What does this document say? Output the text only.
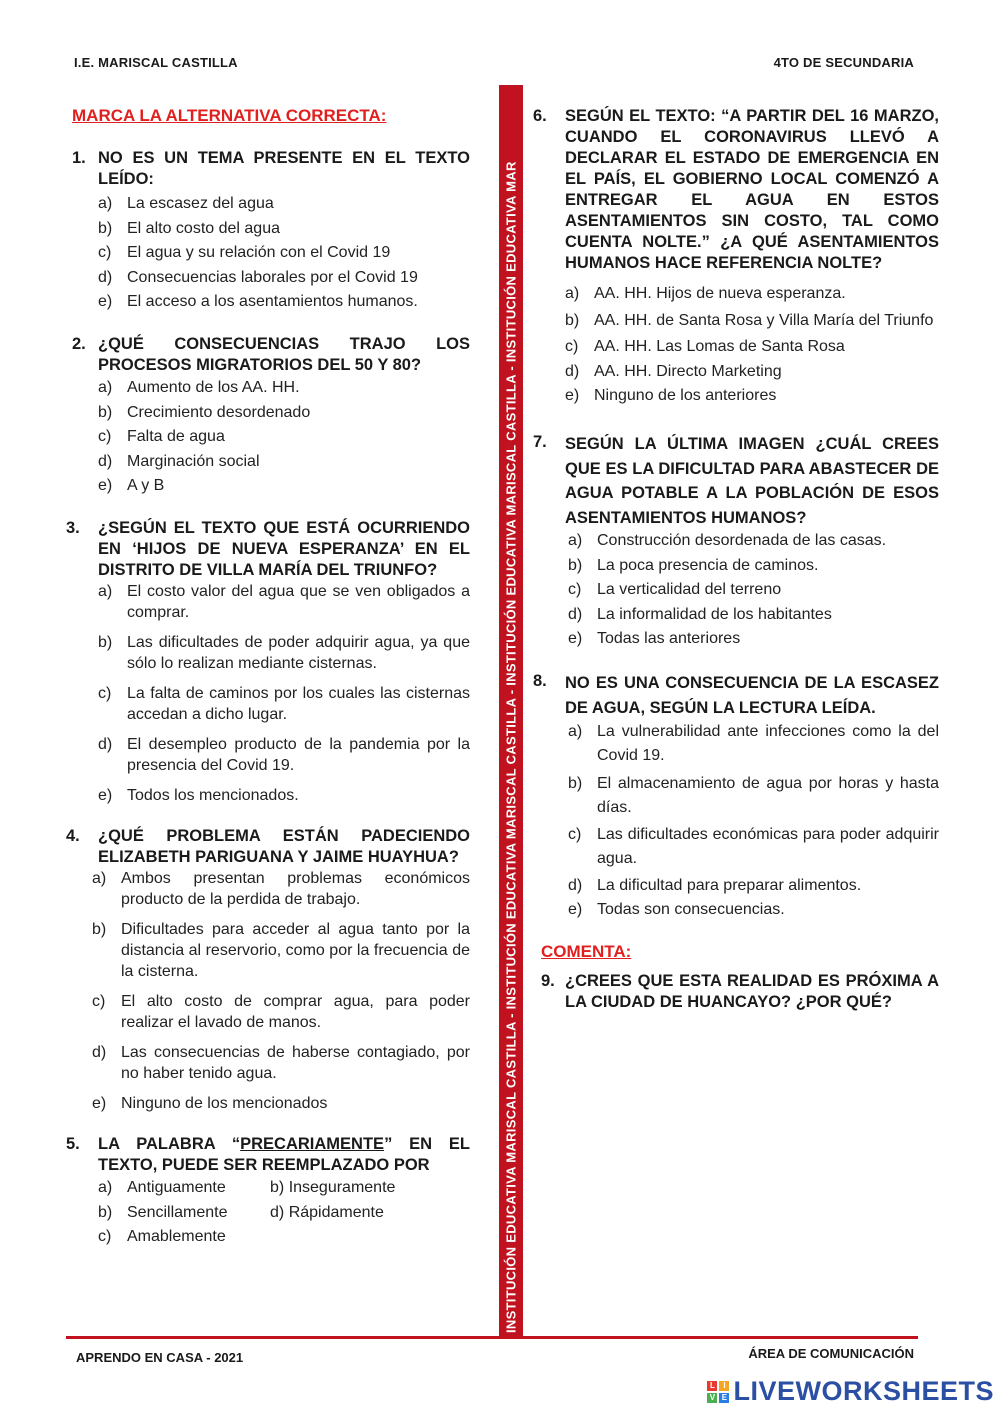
I.E. MARISCAL CASTILLA	4TO DE SECUNDARIA
INSTITUCIÓN EDUCATIVA MARISCAL CASTILLA - INSTITUCIÓN EDUCATIVA MARISCAL CASTILLA - INSTITUCIÓN EDUCATIVA MARISCAL CASTILLA - INSTITUCIÓN EDUCATIVA MAR

MARCA LA ALTERNATIVA CORRECTA:

1. NO ES UN TEMA PRESENTE EN EL TEXTO LEÍDO:

a) La escasez del agua
b) El alto costo del agua
c) El agua y su relación con el Covid 19
d) Consecuencias laborales por el Covid 19
e) El acceso a los asentamientos humanos.
2. ¿QUÉ CONSECUENCIAS TRAJO LOS PROCESOS MIGRATORIOS DEL 50 Y 80?

a) Aumento de los AA. HH.
b) Crecimiento desordenado
c) Falta de agua
d) Marginación social
e) A y B
3. ¿SEGÚN EL TEXTO QUE ESTÁ OCURRIENDO EN ‘HIJOS DE NUEVA ESPERANZA’ EN EL DISTRITO DE VILLA MARÍA DEL TRIUNFO?

a) El costo valor del agua que se ven obligados a comprar.
b) Las dificultades de poder adquirir agua, ya que sólo lo realizan mediante cisternas.
c) La falta de caminos por los cuales las cisternas accedan a dicho lugar.
d) El desempleo producto de la pandemia por la presencia del Covid 19.
e) Todos los mencionados.
4. ¿QUÉ PROBLEMA ESTÁN PADECIENDO ELIZABETH PARIGUANA Y JAIME HUAYHUA?

a) Ambos presentan problemas económicos producto de la perdida de trabajo.
b) Dificultades para acceder al agua tanto por la distancia al reservorio, como por la frecuencia de la cisterna.
c) El alto costo de comprar agua, para poder realizar el lavado de manos.
d) Las consecuencias de haberse contagiado, por no haber tenido agua.
e) Ninguno de los mencionados
5. LA PALABRA “PRECARIAMENTE” EN EL TEXTO, PUEDE SER REEMPLAZADO POR

a) Antiguamente	b) Inseguramente
b) Sencillamente	d) Rápidamente
c) Amablemente
6. SEGÚN EL TEXTO: “A PARTIR DEL 16 MARZO, CUANDO EL CORONAVIRUS LLEVÓ A DECLARAR EL ESTADO DE EMERGENCIA EN EL PAÍS, EL GOBIERNO LOCAL COMENZÓ A ENTREGAR EL AGUA EN ESTOS ASENTAMIENTOS SIN COSTO, TAL COMO CUENTA NOLTE.” ¿A QUÉ ASENTAMIENTOS HUMANOS HACE REFERENCIA NOLTE?

a) AA. HH. Hijos de nueva esperanza.
b) AA. HH. de Santa Rosa y Villa María del Triunfo
c) AA. HH. Las Lomas de Santa Rosa
d) AA. HH. Directo Marketing
e) Ninguno de los anteriores
7. SEGÚN LA ÚLTIMA IMAGEN ¿CUÁL CREES QUE ES LA DIFICULTAD PARA ABASTECER DE AGUA POTABLE A LA POBLACIÓN DE ESOS ASENTAMIENTOS HUMANOS?

a) Construcción desordenada de las casas.
b) La poca presencia de caminos.
c) La verticalidad del terreno
d) La informalidad de los habitantes
e) Todas las anteriores
8. NO ES UNA CONSECUENCIA DE LA ESCASEZ DE AGUA, SEGÚN LA LECTURA LEÍDA.

a) La vulnerabilidad ante infecciones como la del Covid 19.
b) El almacenamiento de agua por horas y hasta días.
c) Las dificultades económicas para poder adquirir agua.
d) La dificultad para preparar alimentos.
e) Todas son consecuencias.

COMENTA:

9. ¿CREES QUE ESTA REALIDAD ES PRÓXIMA A LA CIUDAD DE HUANCAYO? ¿POR QUÉ?

APRENDO EN CASA - 2021	ÁREA DE COMUNICACIÓN
L	I
V E LIVEWORKSHEETS
